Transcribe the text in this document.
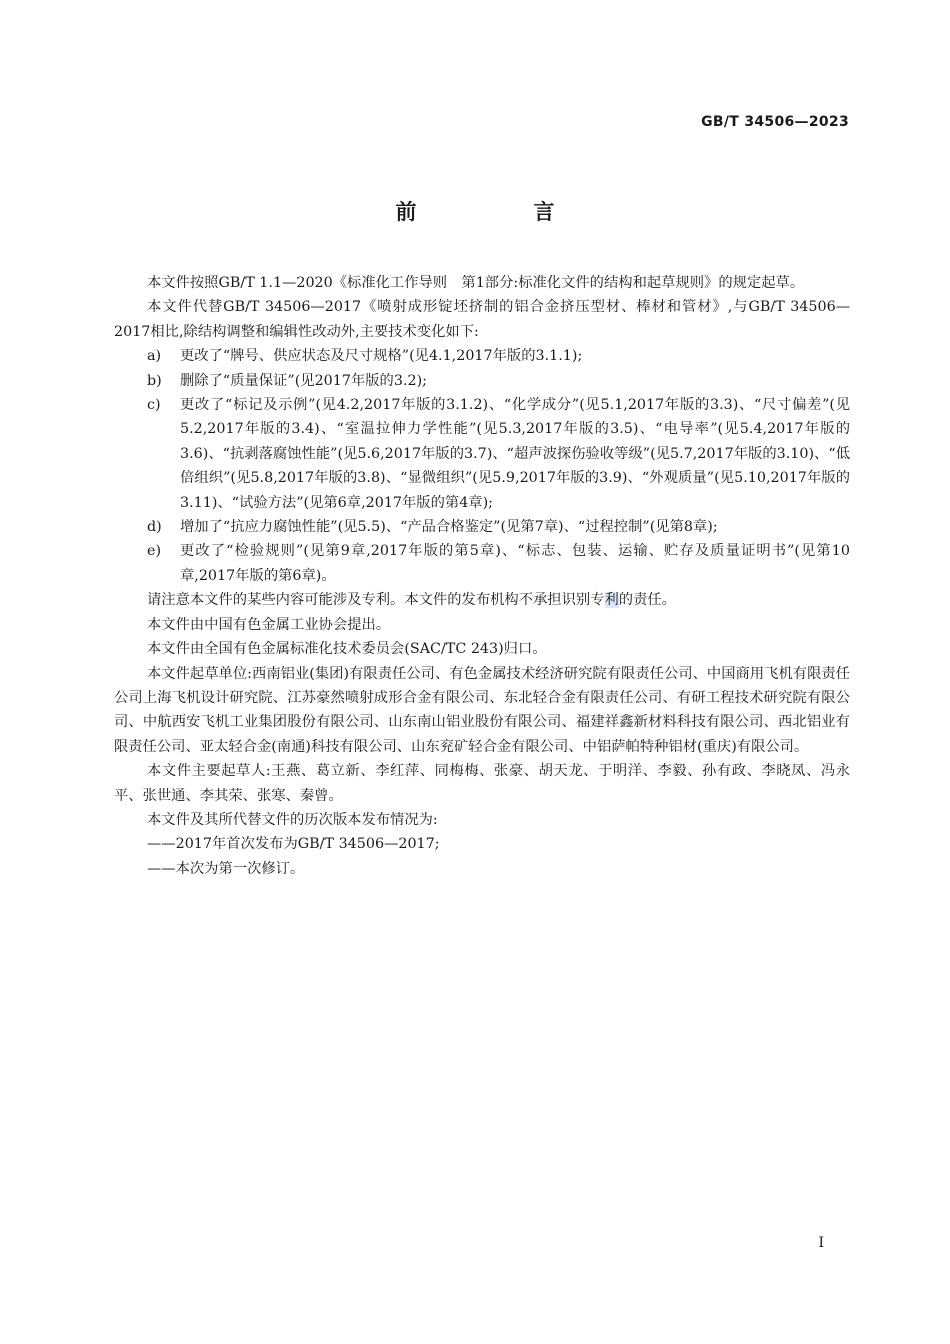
GB/T 34506—2023
前　言

本文件按照GB/T 1.1—2020《标准化工作导则　第1部分:标准化文件的结构和起草规则》的规定起草。

本文件代替GB/T 34506—2017《喷射成形锭坯挤制的铝合金挤压型材、棒材和管材》,与GB/T 34506—2017相比,除结构调整和编辑性改动外,主要技术变化如下:

a) 更改了“牌号、供应状态及尺寸规格”(见4.1,2017年版的3.1.1);

b) 删除了“质量保证”(见2017年版的3.2);

c) 更改了“标记及示例”(见4.2,2017年版的3.1.2)、“化学成分”(见5.1,2017年版的3.3)、“尺寸偏差”(见5.2,2017年版的3.4)、“室温拉伸力学性能”(见5.3,2017年版的3.5)、“电导率”(见5.4,2017年版的3.6)、“抗剥落腐蚀性能”(见5.6,2017年版的3.7)、“超声波探伤验收等级”(见5.7,2017年版的3.10)、“低倍组织”(见5.8,2017年版的3.8)、“显微组织”(见5.9,2017年版的3.9)、“外观质量”(见5.10,2017年版的3.11)、“试验方法”(见第6章,2017年版的第4章);

d) 增加了“抗应力腐蚀性能”(见5.5)、“产品合格鉴定”(见第7章)、“过程控制”(见第8章);

e) 更改了“检验规则”(见第9章,2017年版的第5章)、“标志、包装、运输、贮存及质量证明书”(见第10章,2017年版的第6章)。

请注意本文件的某些内容可能涉及专利。本文件的发布机构不承担识别专利的责任。

本文件由中国有色金属工业协会提出。

本文件由全国有色金属标准化技术委员会(SAC/TC 243)归口。

本文件起草单位:西南铝业(集团)有限责任公司、有色金属技术经济研究院有限责任公司、中国商用飞机有限责任公司上海飞机设计研究院、江苏豪然喷射成形合金有限公司、东北轻合金有限责任公司、有研工程技术研究院有限公司、中航西安飞机工业集团股份有限公司、山东南山铝业股份有限公司、福建祥鑫新材料科技有限公司、西北铝业有限责任公司、亚太轻合金(南通)科技有限公司、山东兖矿轻合金有限公司、中铝萨帕特种铝材(重庆)有限公司。

本文件主要起草人:王燕、葛立新、李红萍、同梅梅、张豪、胡天龙、于明洋、李毅、孙有政、李晓凤、冯永平、张世通、李其荣、张寒、秦曾。

本文件及其所代替文件的历次版本发布情况为:

——2017年首次发布为GB/T 34506—2017;

——本次为第一次修订。

Ⅰ
